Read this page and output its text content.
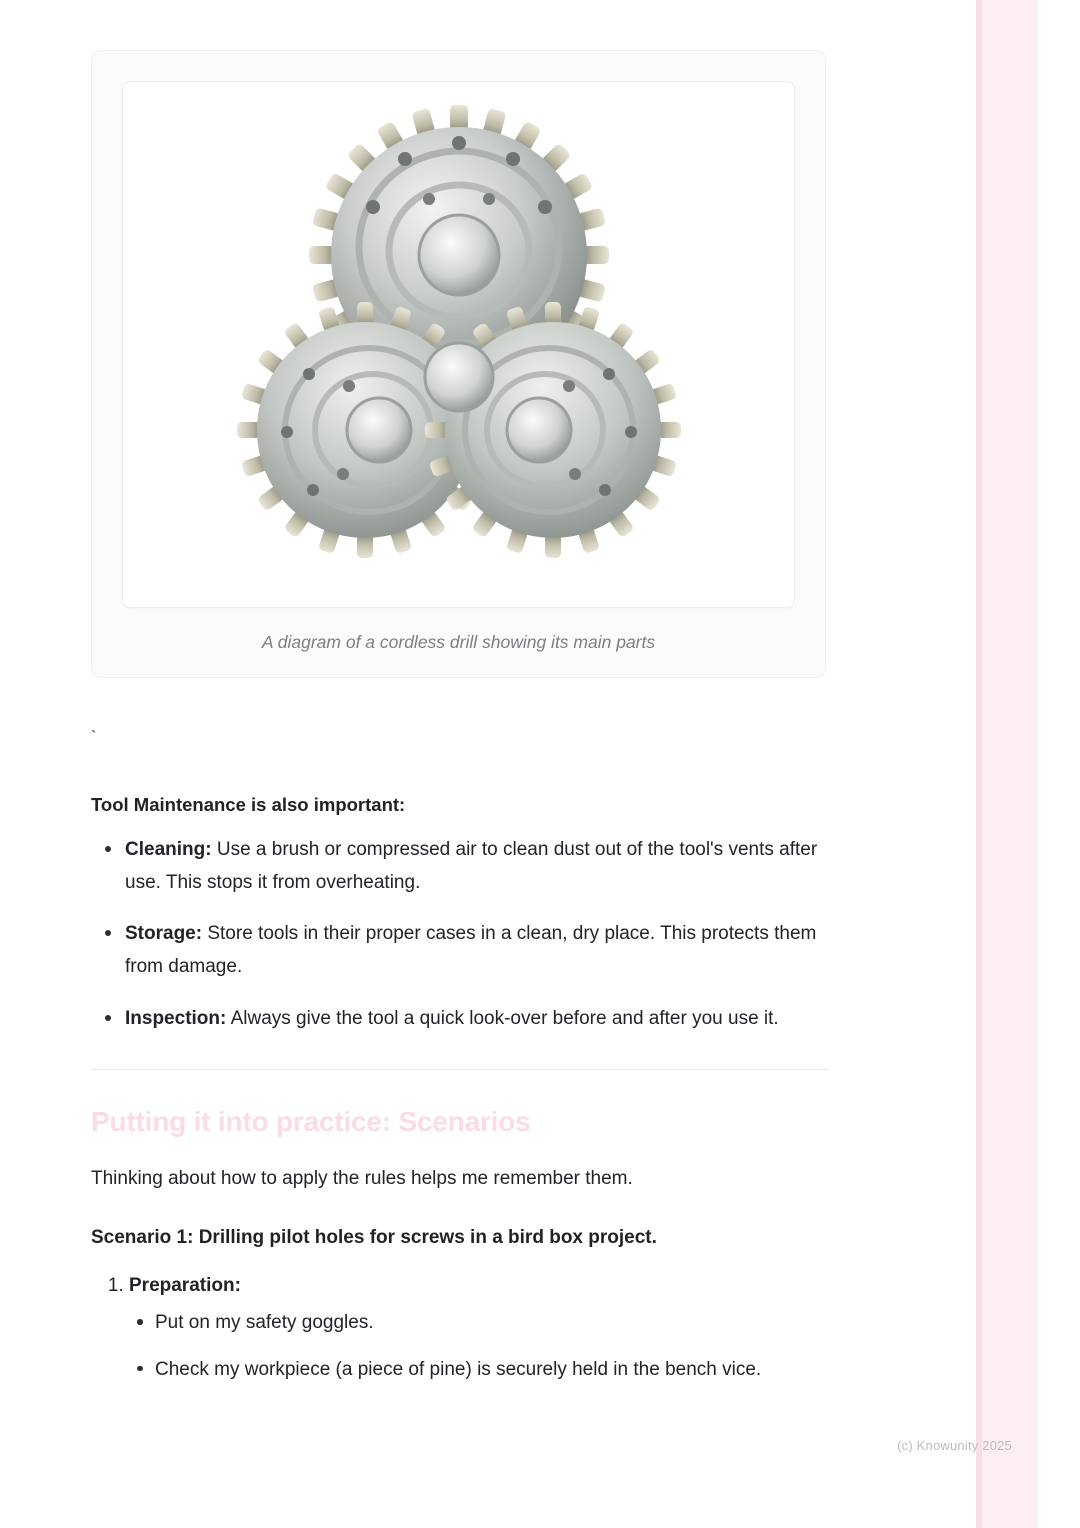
A diagram of a cordless drill showing its main parts
`
Tool Maintenance is also important:
Cleaning: Use a brush or compressed air to clean dust out of the tool's vents after use. This stops it from overheating.
Storage: Store tools in their proper cases in a clean, dry place. This protects them from damage.
Inspection: Always give the tool a quick look-over before and after you use it.
Putting it into practice: Scenarios

Thinking about how to apply the rules helps me remember them.

Scenario 1: Drilling pilot holes for screws in a bird box project.

1. Preparation:
Put on my safety goggles.
Check my workpiece (a piece of pine) is securely held in the bench vice.
(c) Knowunity 2025
